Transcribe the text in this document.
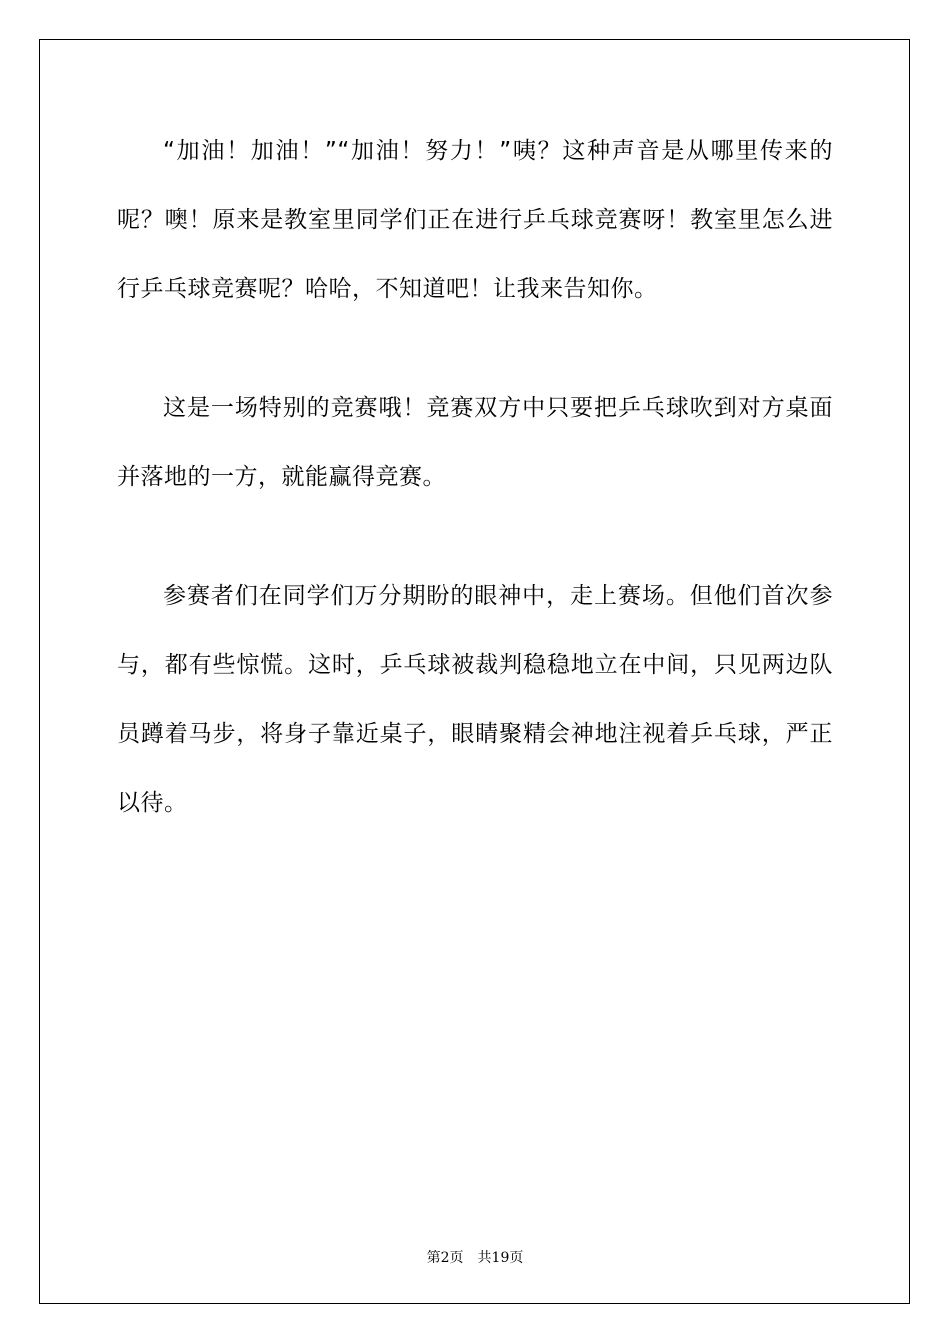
“加油！加油！”“加油！努力！”咦？这种声音是从哪里传来的呢？噢！原来是教室里同学们正在进行乒乓球竞赛呀！教室里怎么进行乒乓球竞赛呢？哈哈，不知道吧！让我来告知你。

这是一场特别的竞赛哦！竞赛双方中只要把乒乓球吹到对方桌面并落地的一方，就能赢得竞赛。

参赛者们在同学们万分期盼的眼神中，走上赛场。但他们首次参与，都有些惊慌。这时，乒乓球被裁判稳稳地立在中间，只见两边队员蹲着马步，将身子靠近桌子，眼睛聚精会神地注视着乒乓球，严正以待。

第2页 共19页
